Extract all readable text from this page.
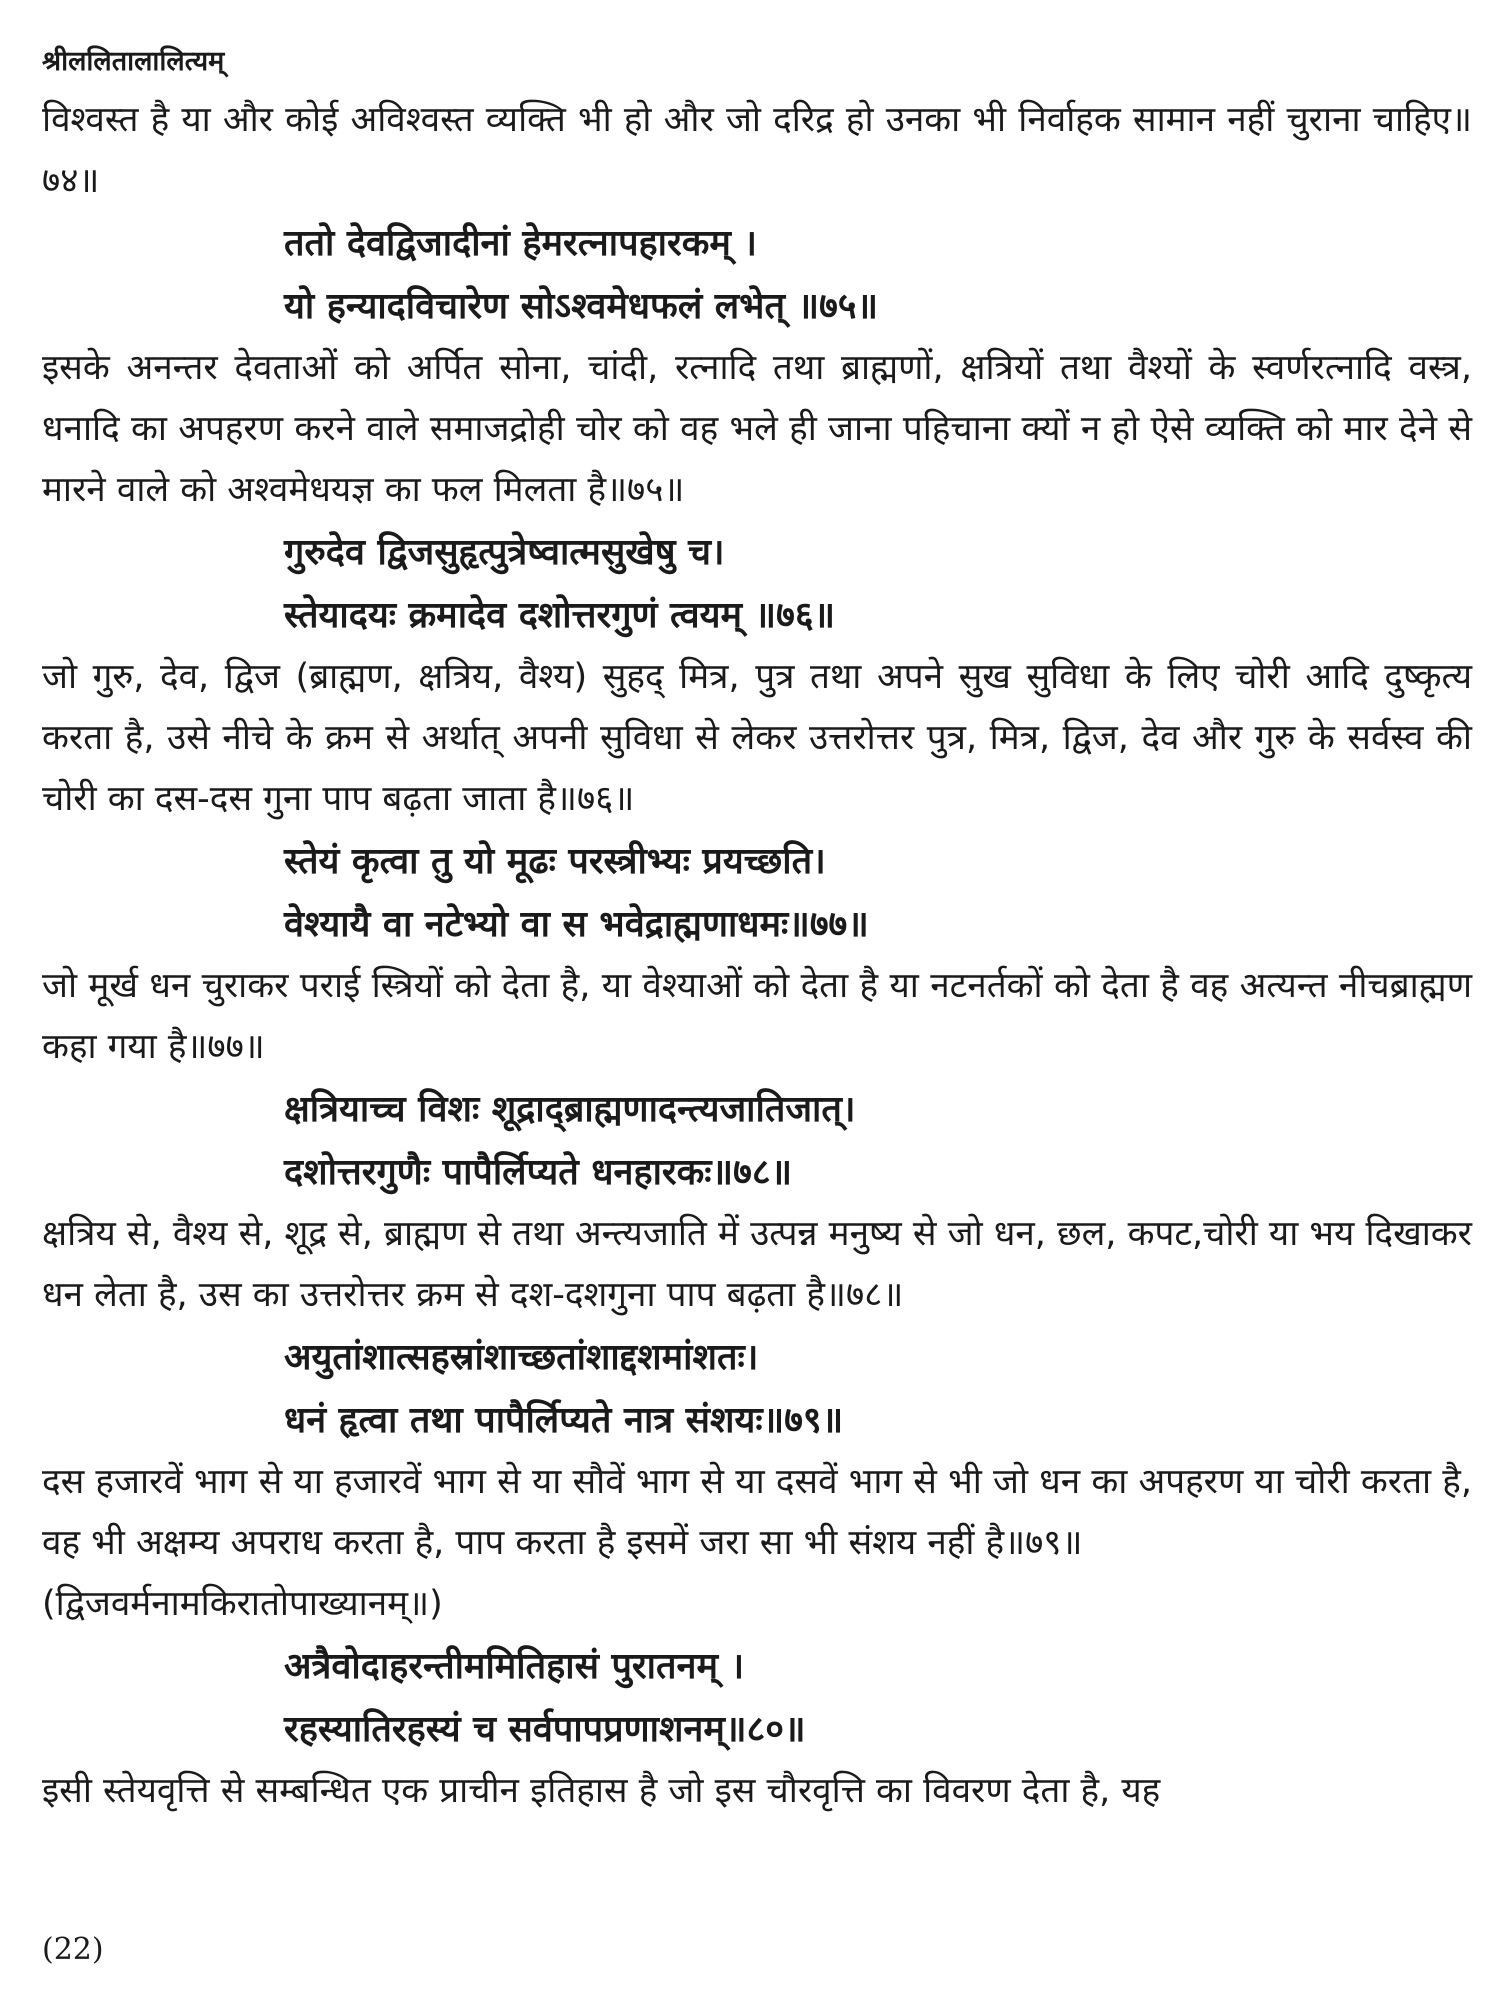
श्रीललितालालित्यम्

विश्वस्त है या और कोई अविश्वस्त व्यक्ति भी हो और जो दरिद्र हो उनका भी निर्वाहक सामान नहीं चुराना चाहिए॥७४॥

ततो देवद्विजादीनां हेमरत्नापहारकम् ।

यो हन्यादविचारेण सोऽश्वमेधफलं लभेत् ॥७५॥

इसके अनन्तर देवताओं को अर्पित सोना, चांदी, रत्नादि तथा ब्राह्मणों, क्षत्रियों तथा वैश्यों के स्वर्णरत्नादि वस्त्र, धनादि का अपहरण करने वाले समाजद्रोही चोर को वह भले ही जाना पहिचाना क्यों न हो ऐसे व्यक्ति को मार देने से मारने वाले को अश्वमेधयज्ञ का फल मिलता है॥७५॥

गुरुदेव द्विजसुहृत्पुत्रेष्वात्मसुखेषु च।

स्तेयादयः क्रमादेव दशोत्तरगुणं त्वयम् ॥७६॥

जो गुरु, देव, द्विज (ब्राह्मण, क्षत्रिय, वैश्य) सुहद् मित्र, पुत्र तथा अपने सुख सुविधा के लिए चोरी आदि दुष्कृत्य करता है, उसे नीचे के क्रम से अर्थात् अपनी सुविधा से लेकर उत्तरोत्तर पुत्र, मित्र, द्विज, देव और गुरु के सर्वस्व की चोरी का दस-दस गुना पाप बढ़ता जाता है॥७६॥

स्तेयं कृत्वा तु यो मूढः परस्त्रीभ्यः प्रयच्छति।

वेश्यायै वा नटेभ्यो वा स भवेद्राह्मणाधमः॥७७॥

जो मूर्ख धन चुराकर पराई स्त्रियों को देता है, या वेश्याओं को देता है या नटनर्तकों को देता है वह अत्यन्त नीचब्राह्मण कहा गया है॥७७॥

क्षत्रियाच्च विशः शूद्राद्ब्राह्मणादन्त्यजातिजात्।

दशोत्तरगुणैः पापैर्लिप्यते धनहारकः॥७८॥

क्षत्रिय से, वैश्य से, शूद्र से, ब्राह्मण से तथा अन्त्यजाति में उत्पन्न मनुष्य से जो धन, छल, कपट,चोरी या भय दिखाकर धन लेता है, उस का उत्तरोत्तर क्रम से दश-दशगुना पाप बढ़ता है॥७८॥

अयुतांशात्सहस्रांशाच्छतांशाद्दशमांशतः।

धनं हृत्वा तथा पापैर्लिप्यते नात्र संशयः॥७९॥

दस हजारवें भाग से या हजारवें भाग से या सौवें भाग से या दसवें भाग से भी जो धन का अपहरण या चोरी करता है, वह भी अक्षम्य अपराध करता है, पाप करता है इसमें जरा सा भी संशय नहीं है॥७९॥

(द्विजवर्मनामकिरातोपाख्यानम्॥)

अत्रैवोदाहरन्तीममितिहासं पुरातनम् ।

रहस्यातिरहस्यं च सर्वपापप्रणाशनम्॥८०॥

इसी स्तेयवृत्ति से सम्बन्धित एक प्राचीन इतिहास है जो इस चौरवृत्ति का विवरण देता है, यह

(22)
